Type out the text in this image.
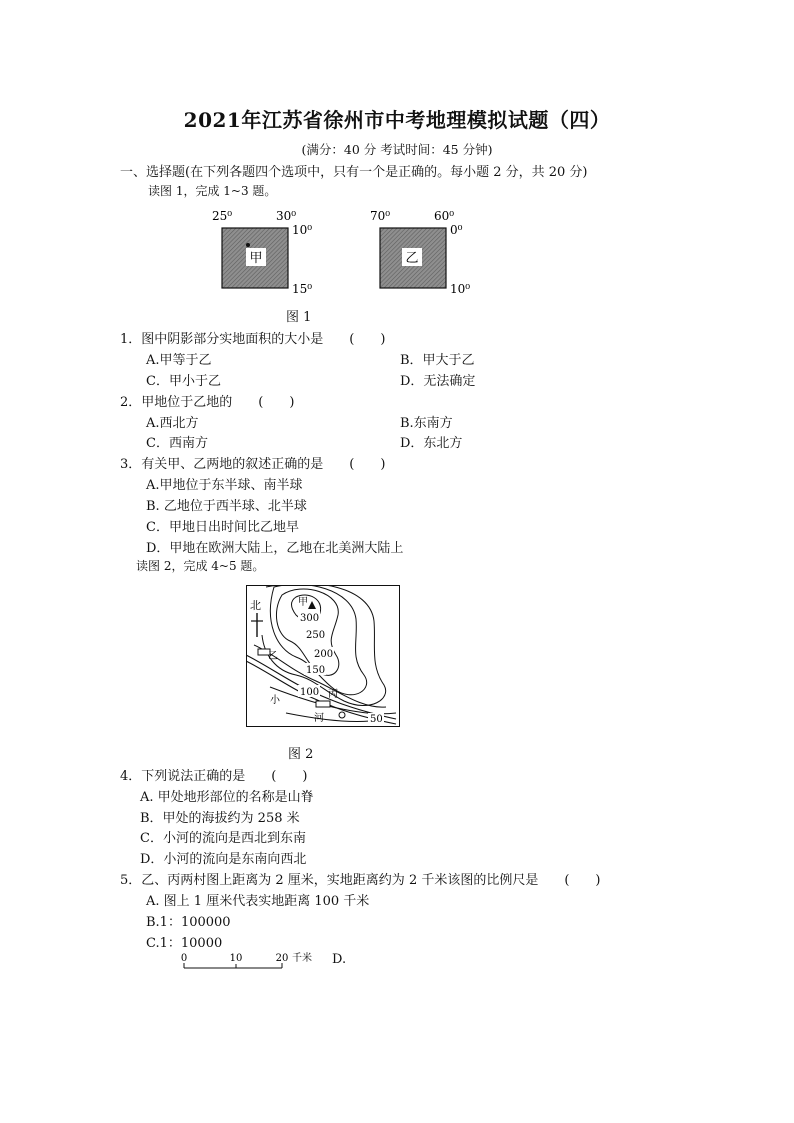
2021年江苏省徐州市中考地理模拟试题（四）
(满分：40 分 考试时间：45 分钟)
一、选择题(在下列各题四个选项中，只有一个是正确的。每小题 2 分，共 20 分)
读图 1，完成 1~3 题。
甲
25⁰	30⁰
10⁰
15⁰
乙
70⁰	60⁰
0⁰
10⁰
图 1
1．图中阴影部分实地面积的大小是　　(　　)
A.甲等于乙	B．甲大于乙
C．甲小于乙	D．无法确定
2．甲地位于乙地的　　(　　)
A.西北方	B.东南方
C．西南方	D．东北方
3．有关甲、乙两地的叙述正确的是　　(　　)
A.甲地位于东半球、南半球
B. 乙地位于西半球、北半球
C．甲地日出时间比乙地早
D．甲地在欧洲大陆上，乙地在北美洲大陆上
读图 2，完成 4~5 题。
北	甲
乙
丙
小
河
300
250
200
150
100
50
图 2
4．下列说法正确的是　　(　　)
A. 甲处地形部位的名称是山脊
B．甲处的海拔约为 258 米
C．小河的流向是西北到东南
D．小河的流向是东南向西北
5．乙、丙两村图上距离为 2 厘米，实地距离约为 2 千米该图的比例尺是　　(　　)
A. 图上 1 厘米代表实地距离 100 千米
B.1：100000
C.1：10000
0	10	20 千米 D.
